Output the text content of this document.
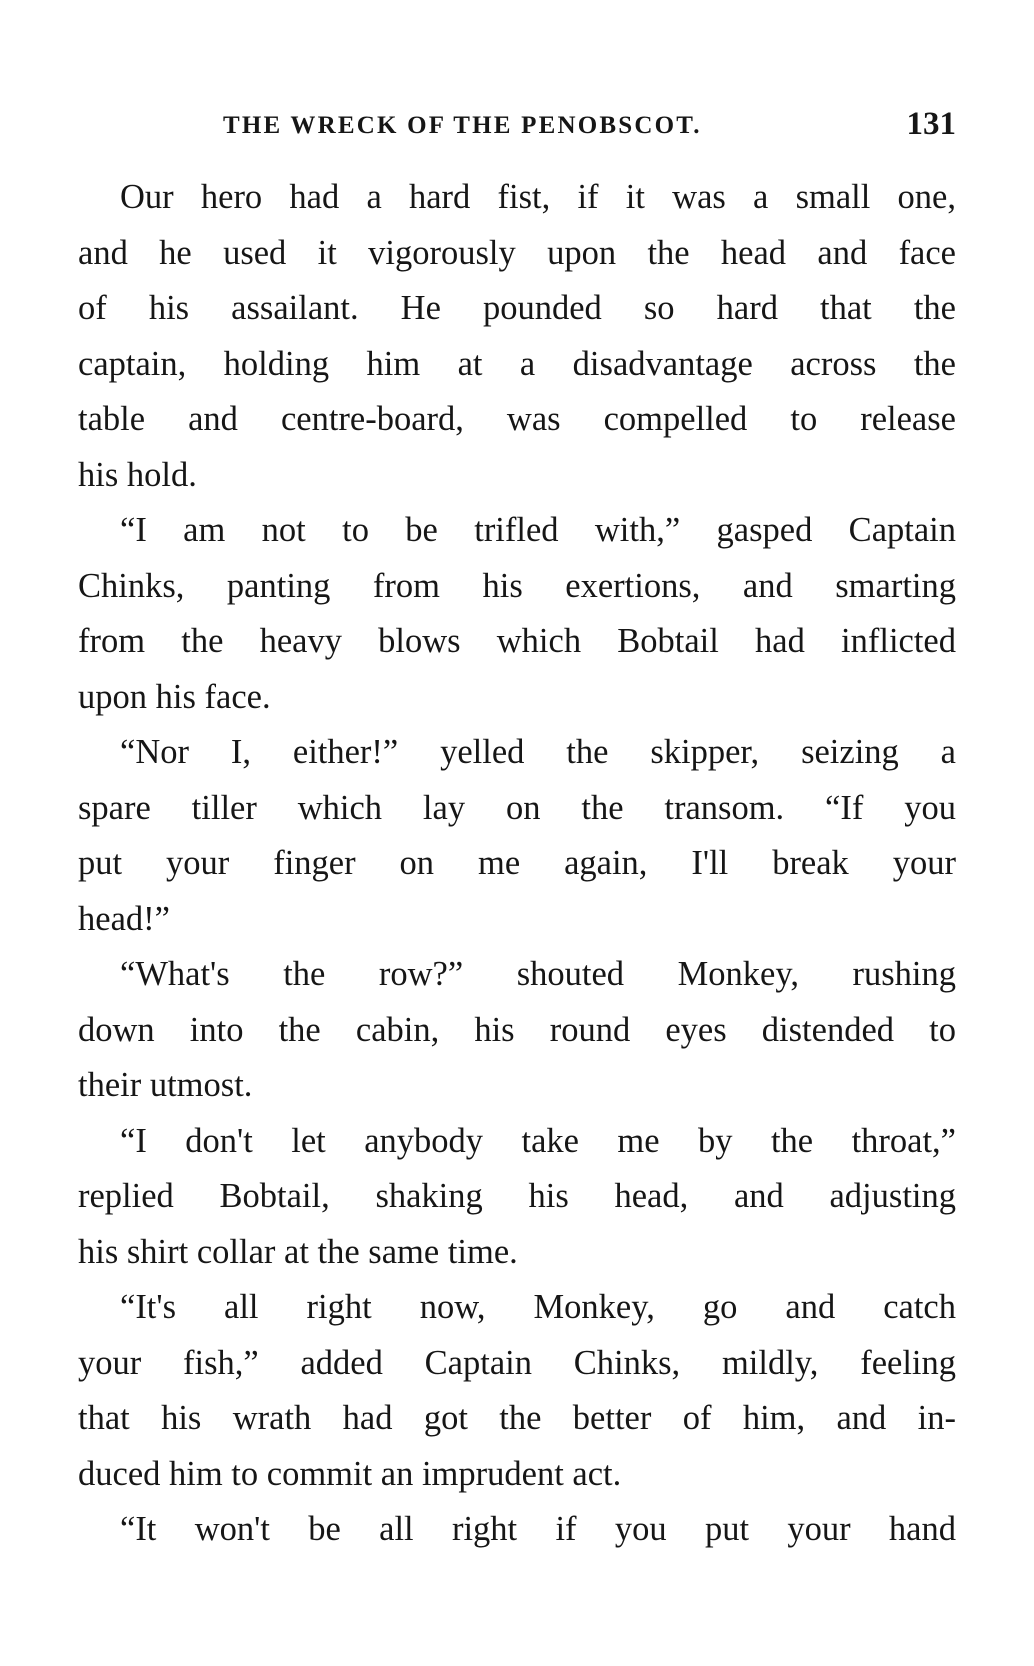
THE WRECK OF THE PENOBSCOT.	131
Our hero had a hard fist, if it was a small one,
and he used it vigorously upon the head and face
of his assailant. He pounded so hard that the
captain, holding him at a disadvantage across the
table and centre-board, was compelled to release
his hold.
“I am not to be trifled with,” gasped Captain
Chinks, panting from his exertions, and smarting
from the heavy blows which Bobtail had inflicted
upon his face.
“Nor I, either!” yelled the skipper, seizing a
spare tiller which lay on the transom. “If you
put your finger on me again, I'll break your
head!”
“What's the row?” shouted Monkey, rushing
down into the cabin, his round eyes distended to
their utmost.
“I don't let anybody take me by the throat,”
replied Bobtail, shaking his head, and adjusting
his shirt collar at the same time.
“It's all right now, Monkey, go and catch
your fish,” added Captain Chinks, mildly, feeling
that his wrath had got the better of him, and in-
duced him to commit an imprudent act.
“It won't be all right if you put your hand
